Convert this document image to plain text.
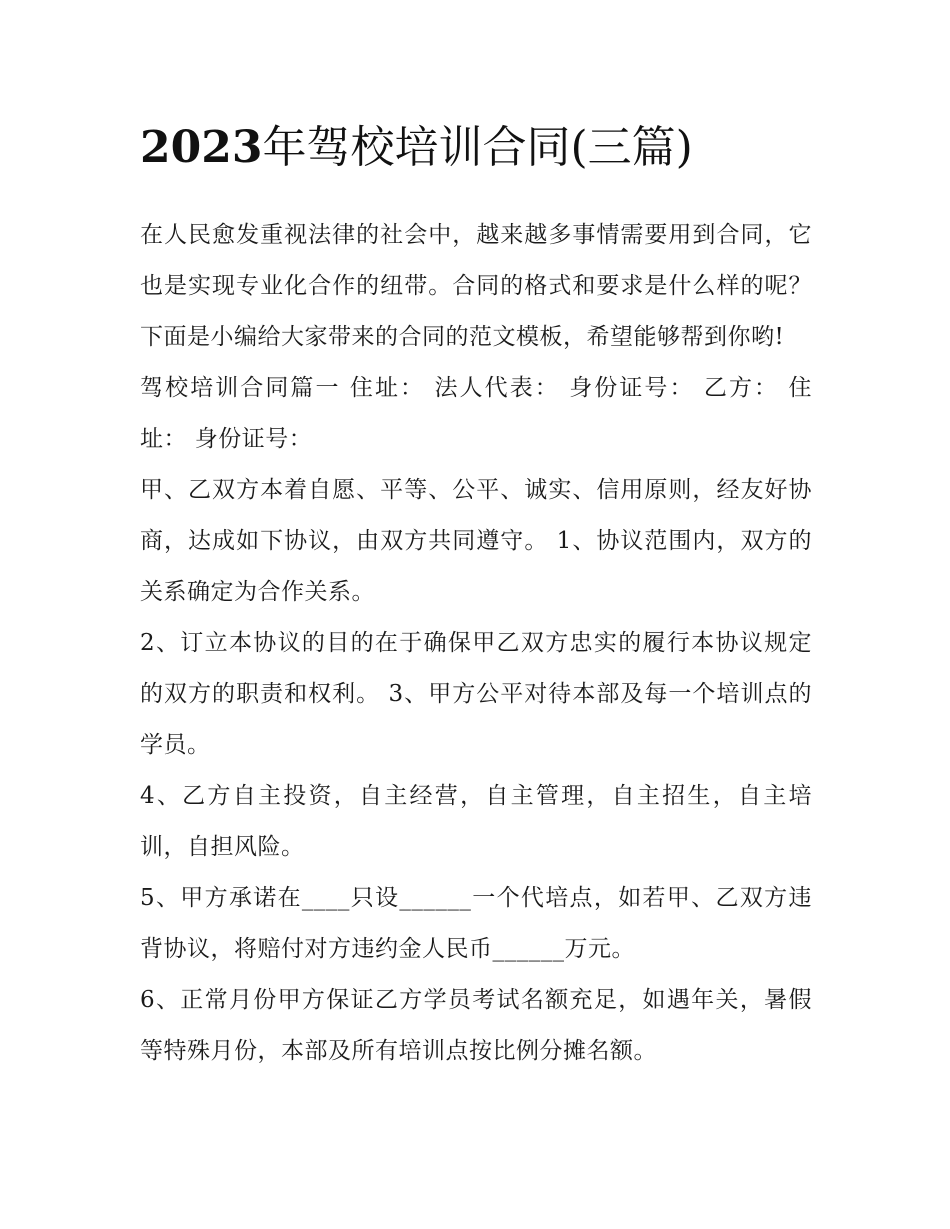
2023年驾校培训合同(三篇)

在人民愈发重视法律的社会中，越来越多事情需要用到合同，它也是实现专业化合作的纽带。合同的格式和要求是什么样的呢？下面是小编给大家带来的合同的范文模板，希望能够帮到你哟!

驾校培训合同篇一 住址： 法人代表： 身份证号： 乙方： 住址： 身份证号：

甲、乙双方本着自愿、平等、公平、诚实、信用原则，经友好协商，达成如下协议，由双方共同遵守。 1、协议范围内，双方的关系确定为合作关系。

2、订立本协议的目的在于确保甲乙双方忠实的履行本协议规定的双方的职责和权利。 3、甲方公平对待本部及每一个培训点的学员。

4、乙方自主投资，自主经营，自主管理，自主招生，自主培训，自担风险。

5、甲方承诺在____只设______一个代培点，如若甲、乙双方违背协议，将赔付对方违约金人民币______万元。

6、正常月份甲方保证乙方学员考试名额充足，如遇年关，暑假等特殊月份，本部及所有培训点按比例分摊名额。
